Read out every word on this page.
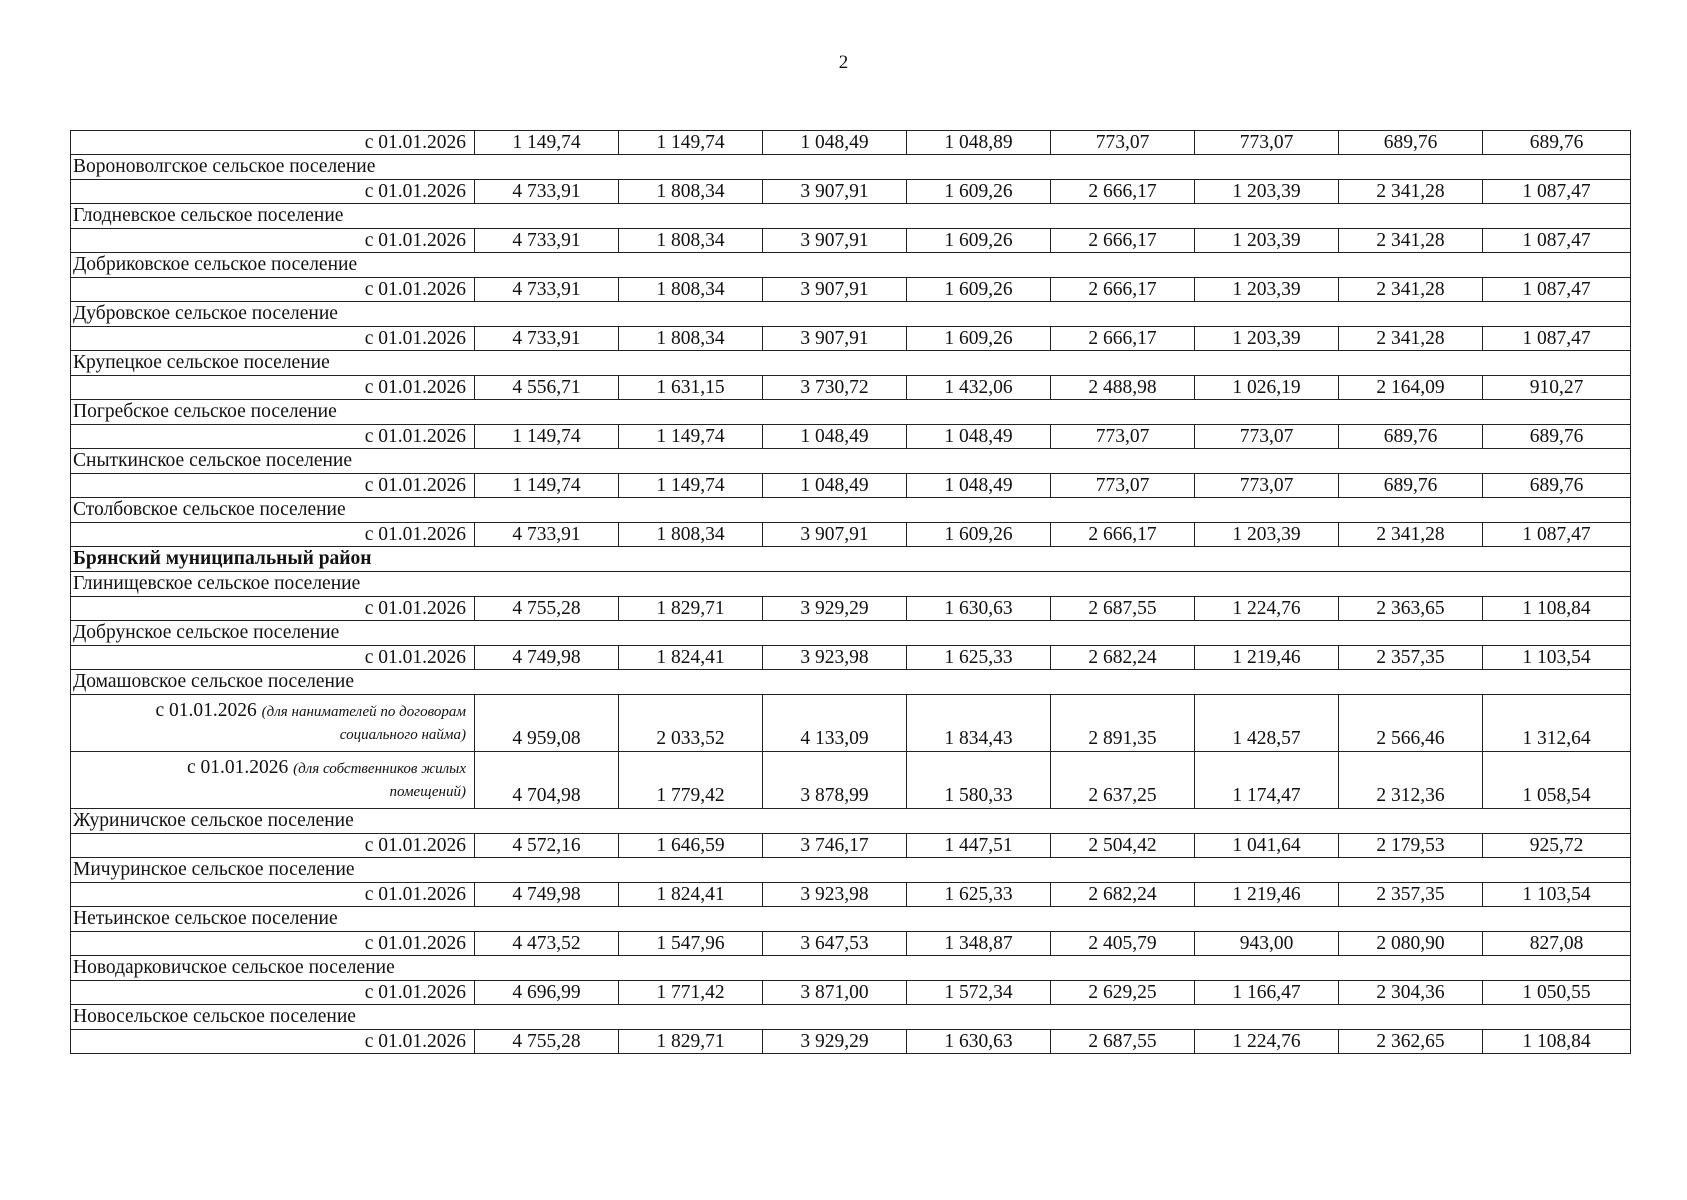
2
с 01.01.2026	1 149,74	1 149,74	1 048,49	1 048,89	773,07	773,07	689,76	689,76
Вороноволгское сельское поселение								
с 01.01.2026	4 733,91	1 808,34	3 907,91	1 609,26	2 666,17	1 203,39	2 341,28	1 087,47
Глодневское сельское поселение								
с 01.01.2026	4 733,91	1 808,34	3 907,91	1 609,26	2 666,17	1 203,39	2 341,28	1 087,47
Добриковское сельское поселение								
с 01.01.2026	4 733,91	1 808,34	3 907,91	1 609,26	2 666,17	1 203,39	2 341,28	1 087,47
Дубровское сельское поселение								
с 01.01.2026	4 733,91	1 808,34	3 907,91	1 609,26	2 666,17	1 203,39	2 341,28	1 087,47
Крупецкое сельское поселение								
с 01.01.2026	4 556,71	1 631,15	3 730,72	1 432,06	2 488,98	1 026,19	2 164,09	910,27
Погребское сельское поселение								
с 01.01.2026	1 149,74	1 149,74	1 048,49	1 048,49	773,07	773,07	689,76	689,76
Сныткинское сельское поселение								
с 01.01.2026	1 149,74	1 149,74	1 048,49	1 048,49	773,07	773,07	689,76	689,76
Столбовское сельское поселение								
с 01.01.2026	4 733,91	1 808,34	3 907,91	1 609,26	2 666,17	1 203,39	2 341,28	1 087,47
Брянский муниципальный район								
Глинищевское сельское поселение								
с 01.01.2026	4 755,28	1 829,71	3 929,29	1 630,63	2 687,55	1 224,76	2 363,65	1 108,84
Добрунское сельское поселение								
с 01.01.2026	4 749,98	1 824,41	3 923,98	1 625,33	2 682,24	1 219,46	2 357,35	1 103,54
Домашовское сельское поселение								

с 01.01.2026 (для нанимателей по договорам
социального найма)	4 959,08	2 033,52	4 133,09	1 834,43	2 891,35	1 428,57	2 566,46	1 312,64

с 01.01.2026 (для собственников жилых
помещений)	4 704,98	1 779,42	3 878,99	1 580,33	2 637,25	1 174,47	2 312,36	1 058,54
Журиничское сельское поселение								
с 01.01.2026	4 572,16	1 646,59	3 746,17	1 447,51	2 504,42	1 041,64	2 179,53	925,72
Мичуринское сельское поселение								
с 01.01.2026	4 749,98	1 824,41	3 923,98	1 625,33	2 682,24	1 219,46	2 357,35	1 103,54
Нетьинское сельское поселение								
с 01.01.2026	4 473,52	1 547,96	3 647,53	1 348,87	2 405,79	943,00	2 080,90	827,08
Новодарковичское сельское поселение								
с 01.01.2026	4 696,99	1 771,42	3 871,00	1 572,34	2 629,25	1 166,47	2 304,36	1 050,55
Новосельское сельское поселение								
с 01.01.2026	4 755,28	1 829,71	3 929,29	1 630,63	2 687,55	1 224,76	2 362,65	1 108,84
